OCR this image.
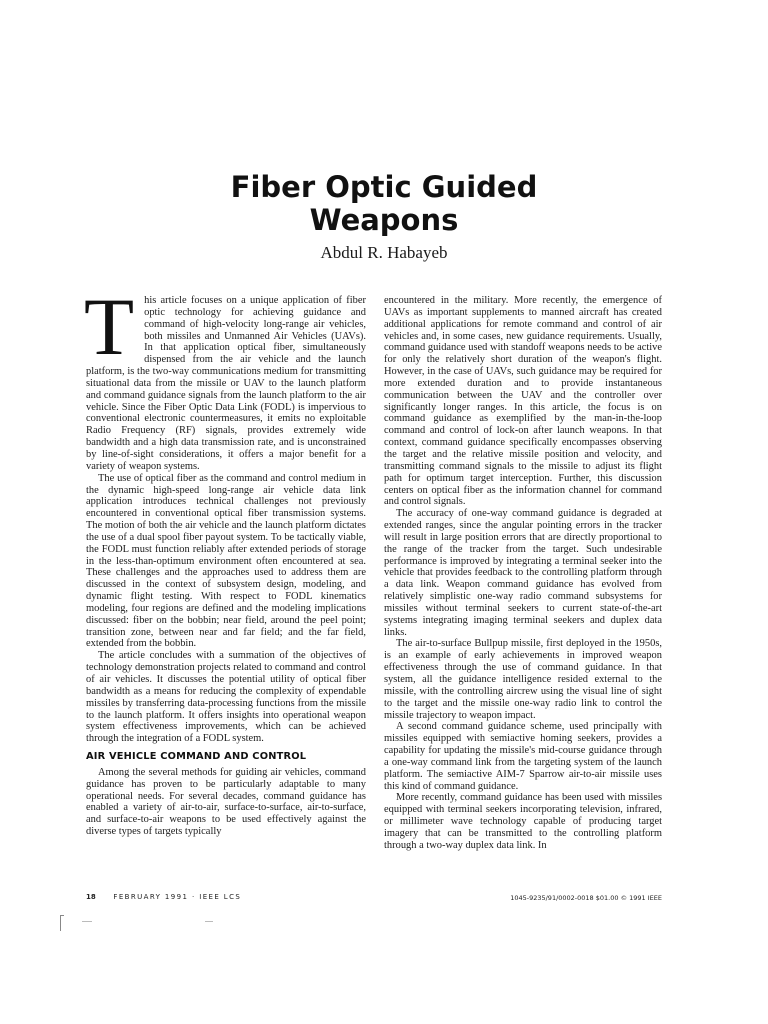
Fiber Optic Guided
Weapons
Abdul R. Habayeb
T his article focuses on a unique application of fiber optic technology for achieving guidance and command of high-velocity long-range air vehicles, both missiles and Unmanned Air Vehicles (UAVs). In that application optical fiber, simultaneously dispensed from the air vehicle and the launch platform, is the two-way communications medium for transmitting situational data from the missile or UAV to the launch platform and command guidance signals from the launch platform to the air vehicle. Since the Fiber Optic Data Link (FODL) is impervious to conventional electronic countermeasures, it emits no exploitable Radio Frequency (RF) signals, provides extremely wide bandwidth and a high data transmission rate, and is unconstrained by line-of-sight considerations, it offers a major benefit for a variety of weapon systems.

The use of optical fiber as the command and control medium in the dynamic high-speed long-range air vehicle data link application introduces technical challenges not previously encountered in conventional optical fiber transmission systems. The motion of both the air vehicle and the launch platform dictates the use of a dual spool fiber payout system. To be tactically viable, the FODL must function reliably after extended periods of storage in the less-than-optimum environment often encountered at sea. These challenges and the approaches used to address them are discussed in the context of subsystem design, modeling, and dynamic flight testing. With respect to FODL kinematics modeling, four regions are defined and the modeling implications discussed: fiber on the bobbin; near field, around the peel point; transition zone, between near and far field; and the far field, extended from the bobbin.

The article concludes with a summation of the objectives of technology demonstration projects related to command and control of air vehicles. It discusses the potential utility of optical fiber bandwidth as a means for reducing the complexity of expendable missiles by transferring data-processing functions from the missile to the launch platform. It offers insights into operational weapon system effectiveness improvements, which can be achieved through the integration of a FODL system.

AIR VEHICLE COMMAND AND CONTROL

Among the several methods for guiding air vehicles, command guidance has proven to be particularly adaptable to many operational needs. For several decades, command guidance has enabled a variety of air-to-air, surface-to-surface, air-to-surface, and surface-to-air weapons to be used effectively against the diverse types of targets typically

encountered in the military. More recently, the emergence of UAVs as important supplements to manned aircraft has created additional applications for remote command and control of air vehicles and, in some cases, new guidance requirements. Usually, command guidance used with standoff weapons needs to be active for only the relatively short duration of the weapon's flight. However, in the case of UAVs, such guidance may be required for more extended duration and to provide instantaneous communication between the UAV and the controller over significantly longer ranges. In this article, the focus is on command guidance as exemplified by the man-in-the-loop command and control of lock-on after launch weapons. In that context, command guidance specifically encompasses observing the target and the relative missile position and velocity, and transmitting command signals to the missile to adjust its flight path for optimum target interception. Further, this discussion centers on optical fiber as the information channel for command and control signals.

The accuracy of one-way command guidance is degraded at extended ranges, since the angular pointing errors in the tracker will result in large position errors that are directly proportional to the range of the tracker from the target. Such undesirable performance is improved by integrating a terminal seeker into the vehicle that provides feedback to the controlling platform through a data link. Weapon command guidance has evolved from relatively simplistic one-way radio command subsystems for missiles without terminal seekers to current state-of-the-art systems integrating imaging terminal seekers and duplex data links.

The air-to-surface Bullpup missile, first deployed in the 1950s, is an example of early achievements in improved weapon effectiveness through the use of command guidance. In that system, all the guidance intelligence resided external to the missile, with the controlling aircrew using the visual line of sight to the target and the missile one-way radio link to control the missile trajectory to weapon impact.

A second command guidance scheme, used principally with missiles equipped with semiactive homing seekers, provides a capability for updating the missile's mid-course guidance through a one-way command link from the targeting system of the launch platform. The semiactive AIM-7 Sparrow air-to-air missile uses this kind of command guidance.

More recently, command guidance has been used with missiles equipped with terminal seekers incorporating television, infrared, or millimeter wave technology capable of producing target imagery that can be transmitted to the controlling platform through a two-way duplex data link. In

18	FEBRUARY 1991 · IEEE LCS	1045-9235/91/0002-0018 $01.00 © 1991 IEEE
